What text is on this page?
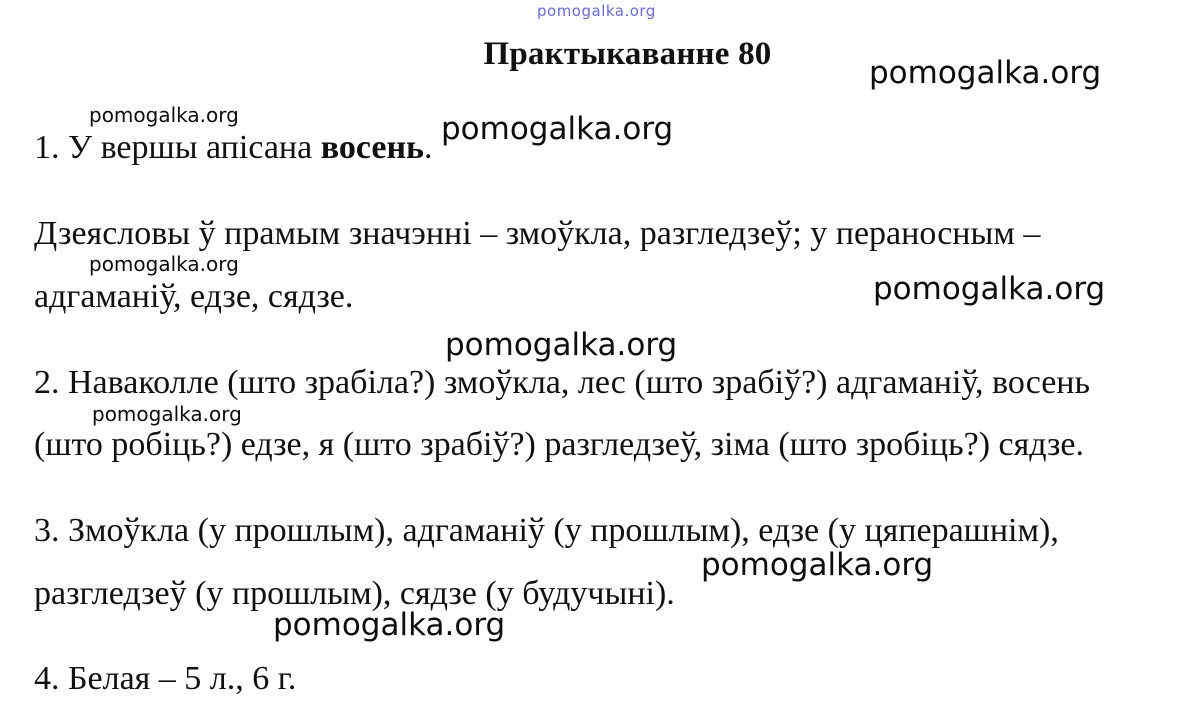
pomogalka.org
Практыкаванне 80
1. У вершы апісана восень.
Дзеясловы ў прамым значэнні – змоўкла, разгледзеў; у пераносным –
адгаманіў, едзе, сядзе.
2. Наваколле (што зрабіла?) змоўкла, лес (што зрабіў?) адгаманіў, восень
(што робіць?) едзе, я (што зрабіў?) разгледзеў, зіма (што зробіць?) сядзе.
3. Змоўкла (у прошлым), адгаманіў (у прошлым), едзе (у цяперашнім),
разгледзеў (у прошлым), сядзе (у будучыні).
4. Белая – 5 л., 6 г.
pomogalka.org
pomogalka.org	pomogalka.org
pomogalka.org
pomogalka.org
pomogalka.org
pomogalka.org
pomogalka.org
pomogalka.org
